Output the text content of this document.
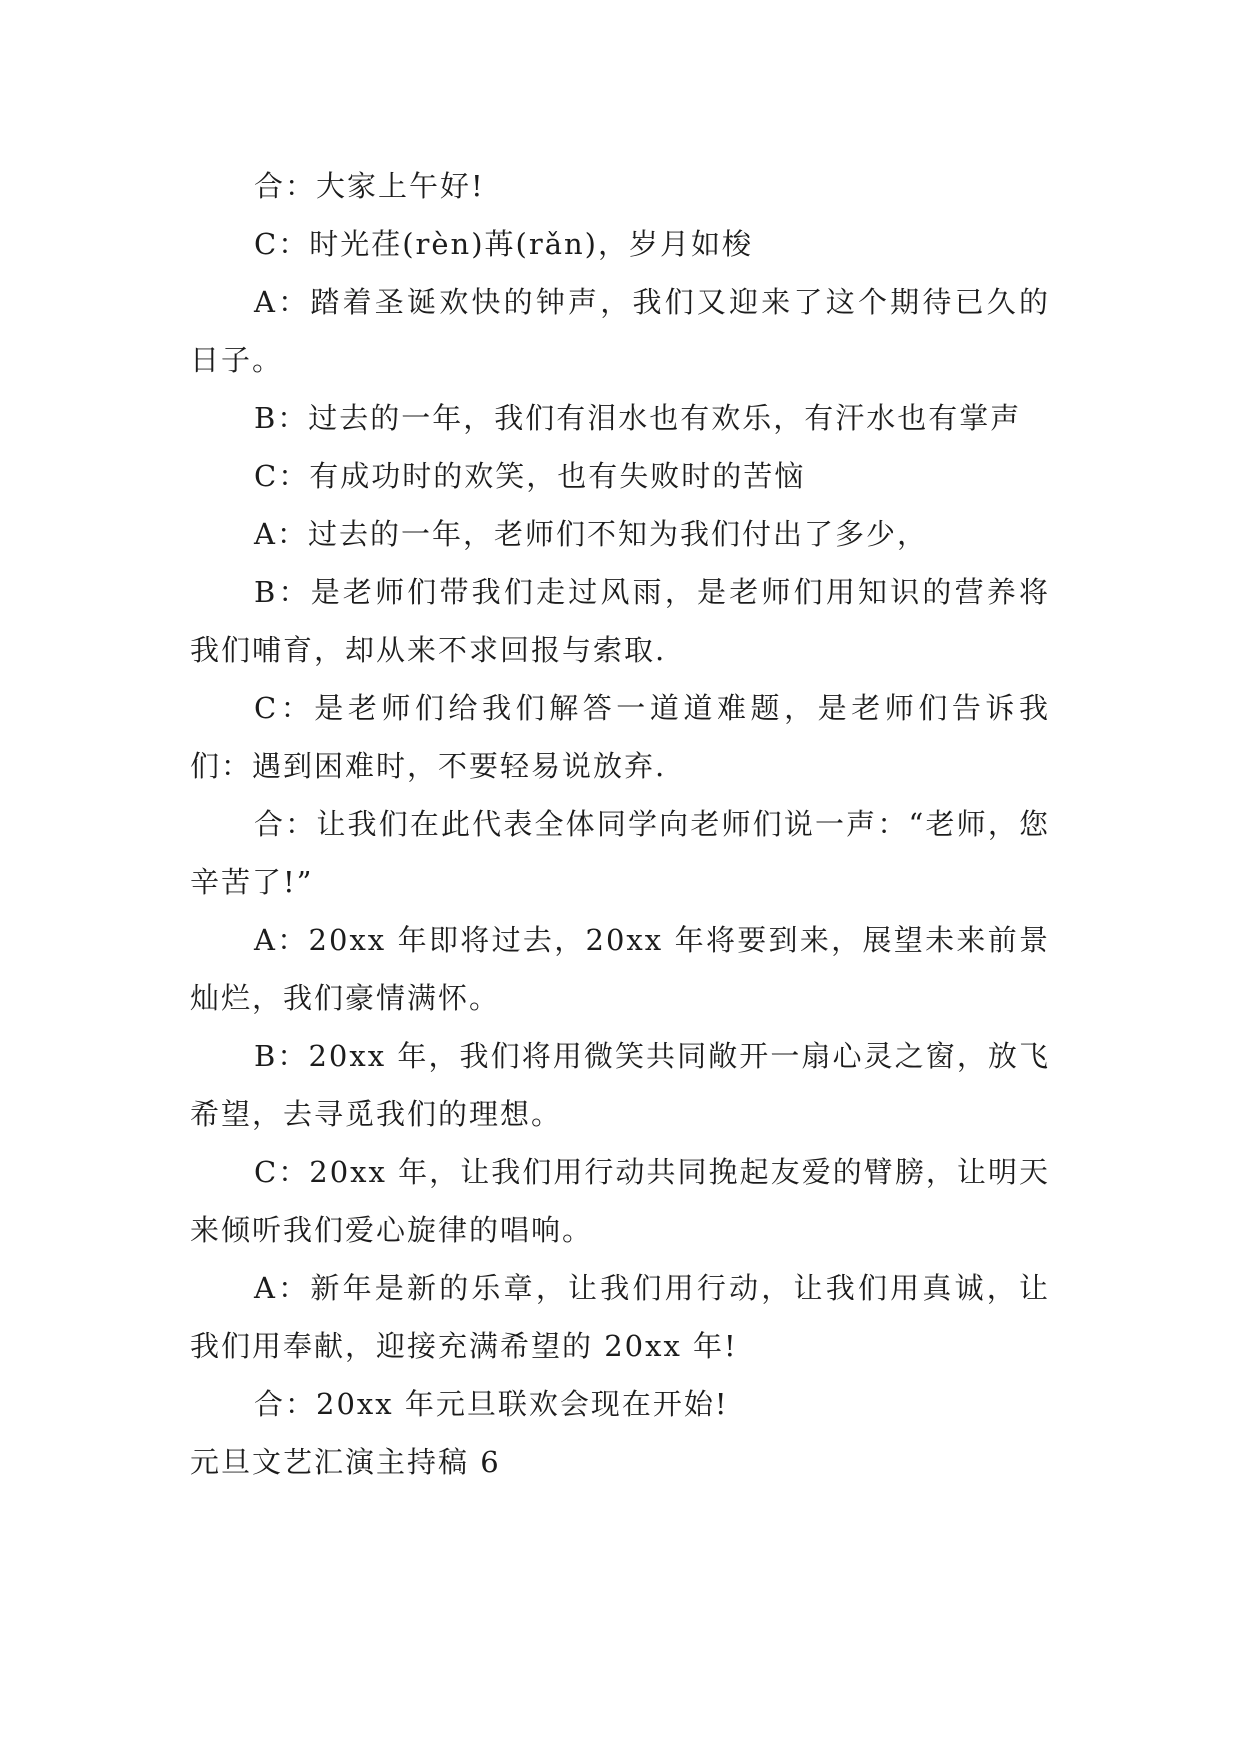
合：大家上午好!

C：时光荏(rèn)苒(rǎn)，岁月如梭

A：踏着圣诞欢快的钟声，我们又迎来了这个期待已久的日子。

B：过去的一年，我们有泪水也有欢乐，有汗水也有掌声

C：有成功时的欢笑，也有失败时的苦恼

A：过去的一年，老师们不知为我们付出了多少，

B：是老师们带我们走过风雨，是老师们用知识的营养将我们哺育，却从来不求回报与索取.

C：是老师们给我们解答一道道难题，是老师们告诉我们：遇到困难时，不要轻易说放弃.

合：让我们在此代表全体同学向老师们说一声：“老师，您辛苦了!”

A：20xx 年即将过去，20xx 年将要到来，展望未来前景灿烂，我们豪情满怀。

B：20xx 年，我们将用微笑共同敞开一扇心灵之窗，放飞希望，去寻觅我们的理想。

C：20xx 年，让我们用行动共同挽起友爱的臂膀，让明天来倾听我们爱心旋律的唱响。

A：新年是新的乐章，让我们用行动，让我们用真诚，让我们用奉献，迎接充满希望的 20xx 年!

合：20xx 年元旦联欢会现在开始!

元旦文艺汇演主持稿 6
